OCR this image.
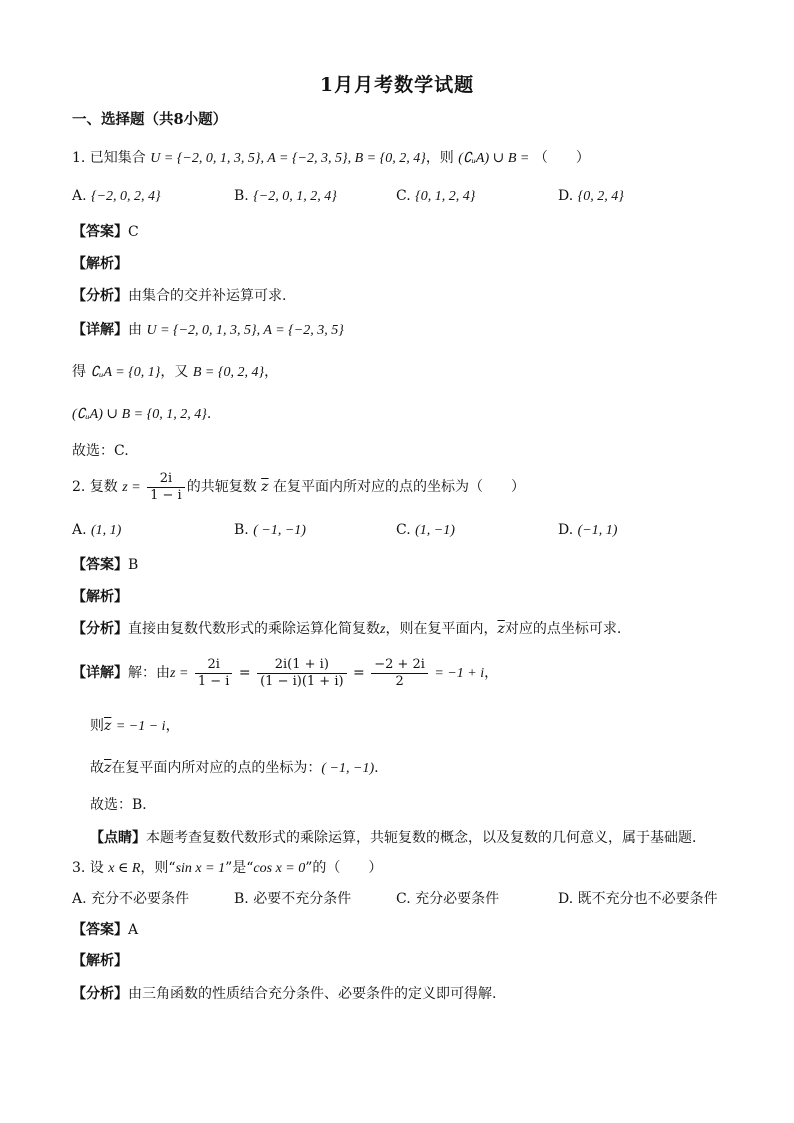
1月月考数学试题
一、选择题（共8小题）
1. 已知集合 U = {−2, 0, 1, 3, 5}, A = {−2, 3, 5}, B = {0, 2, 4}，则 (∁ᵤA) ∪ B = （　　）
A. {−2, 0, 2, 4}	B. {−2, 0, 1, 2, 4}	C. {0, 1, 2, 4}	D. {0, 2, 4}
【答案】C
【解析】
【分析】由集合的交并补运算可求.
【详解】由 U = {−2, 0, 1, 3, 5}, A = {−2, 3, 5}
得 ∁ᵤA = {0, 1}，又 B = {0, 2, 4}，
(∁ᵤA) ∪ B = {0, 1, 2, 4}.
故选：C.
2. 复数 $z = \frac{2i}{1 - i}$ 的共轭复数 $\overline{z}$ 在复平面内所对应的点的坐标为（　　）
A. (1, 1)	B. ( −1, −1)	C. (1, −1)	D. (−1, 1)
【答案】B
【解析】
【分析】直接由复数代数形式的乘除运算化简复数z，则在复平面内，$\overline{z}$对应的点坐标可求.
【详解】解：由$z = \frac{2i}{1 - i} = \frac{2i(1 + i)}{(1 - i)(1 + i)} = \frac{-2 + 2i}{2} = -1 + i$，
则$\overline{z} = -1 - i$，
故$\overline{z}$在复平面内所对应的点的坐标为：( −1, −1).
故选：B．
【点睛】本题考查复数代数形式的乘除运算，共轭复数的概念，以及复数的几何意义，属于基础题．
3. 设 x ∈ R，则“sin x = 1”是“cos x = 0”的（　　）
A. 充分不必要条件	B. 必要不充分条件	C. 充分必要条件	D. 既不充分也不必要条件
【答案】A
【解析】
【分析】由三角函数的性质结合充分条件、必要条件的定义即可得解.
